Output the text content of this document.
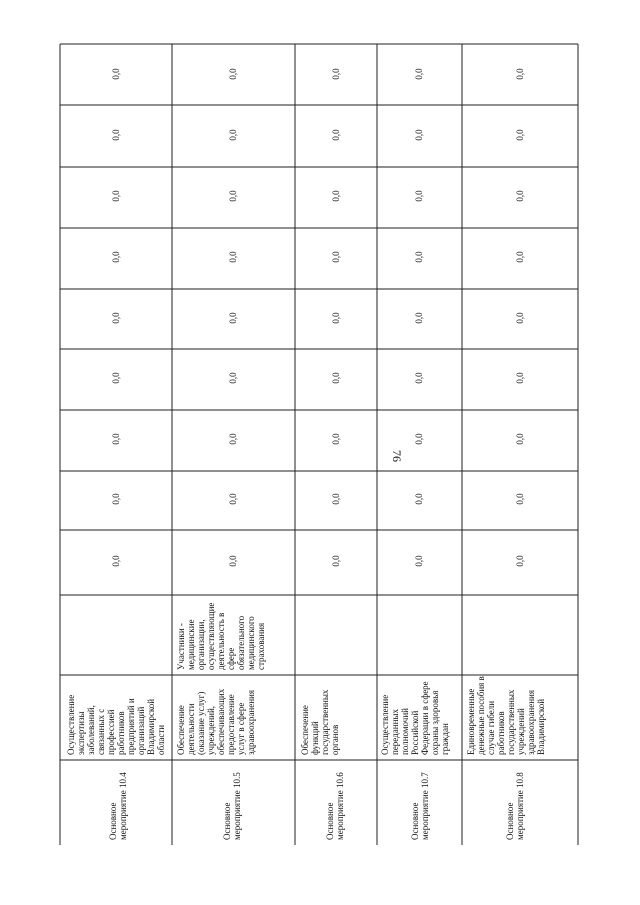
76
Основное мероприятие 10.4
Осуществление экспертизы заболеваний, связанных с профессией работников предприятий и организаций Владимирской области
Основное мероприятие 10.5
Обеспечение деятельности (оказание услуг) учреждений, обеспечивающих предоставление услуг в сфере здравоохранения
Участники - медицинские организации, осуществляющие деятельность в сфере обязательного медицинского страхования
Основное мероприятие 10.6
Обеспечение функций государственных органов
Основное мероприятие 10.7
Осуществление переданных полномочий Российской Федерации в сфере охраны здоровья граждан
Основное мероприятие 10.8
Единовременные денежные пособия в случае гибели работников государственных учреждений здравоохранения Владимирской
0,0
0,0
0,0
0,0
0,0
0,0
0,0
0,0
0,0
0,0
0,0
0,0
0,0
0,0
0,0
0,0
0,0
0,0
0,0
0,0
0,0
0,0
0,0
0,0
0,0
0,0
0,0
0,0
0,0
0,0
0,0
0,0
0,0
0,0
0,0
0,0
0,0
0,0
0,0
0,0
0,0
0,0
0,0
0,0
0,0
